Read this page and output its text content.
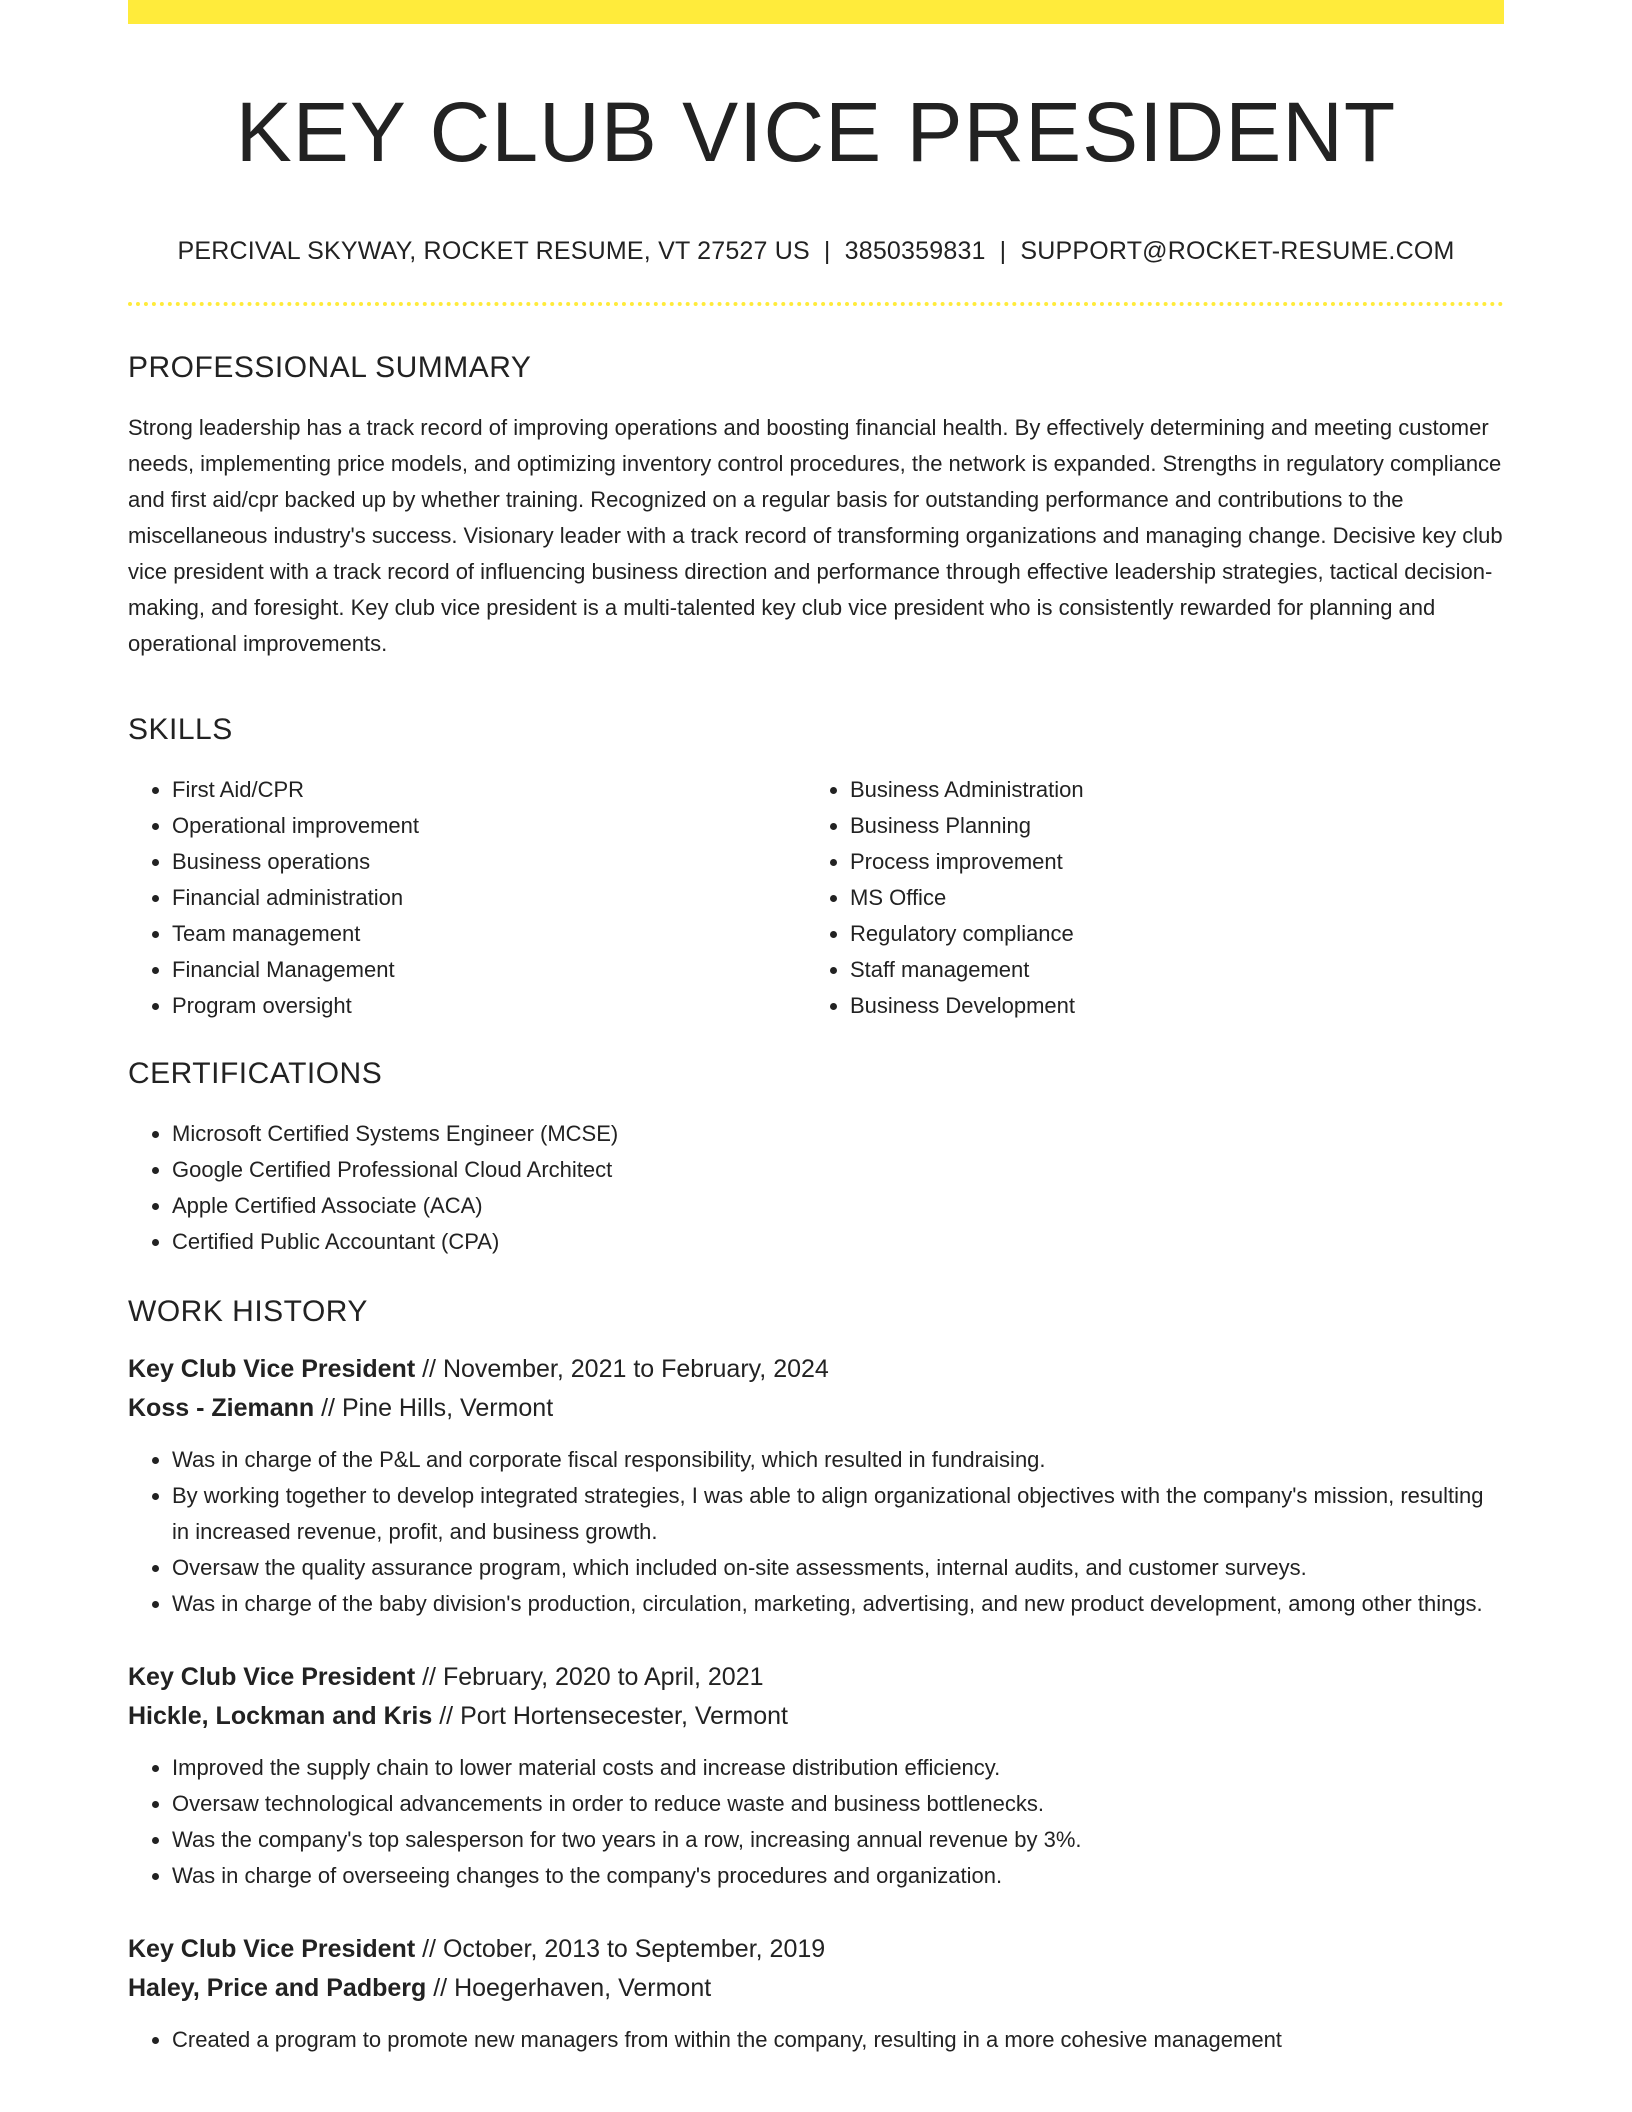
KEY CLUB VICE PRESIDENT
PERCIVAL SKYWAY, ROCKET RESUME, VT 27527 US | 3850359831 | SUPPORT@ROCKET-RESUME.COM
PROFESSIONAL SUMMARY

Strong leadership has a track record of improving operations and boosting financial health. By effectively determining and meeting customer needs, implementing price models, and optimizing inventory control procedures, the network is expanded. Strengths in regulatory compliance and first aid/cpr backed up by whether training. Recognized on a regular basis for outstanding performance and contributions to the miscellaneous industry's success. Visionary leader with a track record of transforming organizations and managing change. Decisive key club vice president with a track record of influencing business direction and performance through effective leadership strategies, tactical decision-making, and foresight. Key club vice president is a multi-talented key club vice president who is consistently rewarded for planning and operational improvements.

SKILLS
• First Aid/CPR
• Operational improvement
• Business operations
• Financial administration
• Team management
• Financial Management
• Program oversight
• Business Administration
• Business Planning
• Process improvement
• MS Office
• Regulatory compliance
• Staff management
• Business Development
CERTIFICATIONS
• Microsoft Certified Systems Engineer (MCSE)
• Google Certified Professional Cloud Architect
• Apple Certified Associate (ACA)
• Certified Public Accountant (CPA)
WORK HISTORY
Key Club Vice President // November, 2021 to February, 2024
Koss - Ziemann // Pine Hills, Vermont
• Was in charge of the P&L and corporate fiscal responsibility, which resulted in fundraising.
• By working together to develop integrated strategies, I was able to align organizational objectives with the company's mission, resulting in increased revenue, profit, and business growth.
• Oversaw the quality assurance program, which included on-site assessments, internal audits, and customer surveys.
• Was in charge of the baby division's production, circulation, marketing, advertising, and new product development, among other things.
Key Club Vice President // February, 2020 to April, 2021
Hickle, Lockman and Kris // Port Hortensecester, Vermont
• Improved the supply chain to lower material costs and increase distribution efficiency.
• Oversaw technological advancements in order to reduce waste and business bottlenecks.
• Was the company's top salesperson for two years in a row, increasing annual revenue by 3%.
• Was in charge of overseeing changes to the company's procedures and organization.
Key Club Vice President // October, 2013 to September, 2019
Haley, Price and Padberg // Hoegerhaven, Vermont
• Created a program to promote new managers from within the company, resulting in a more cohesive management
